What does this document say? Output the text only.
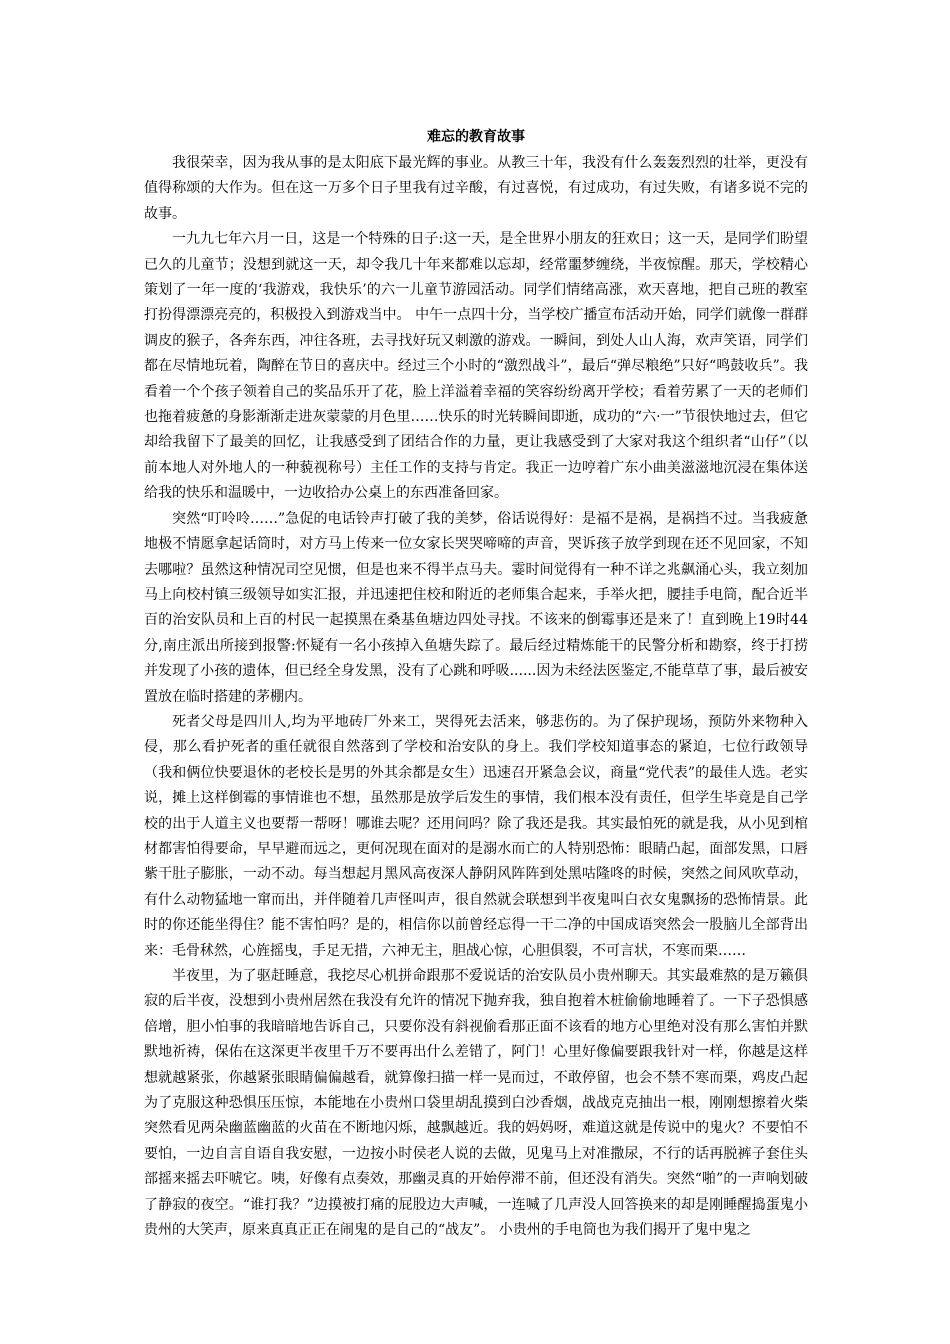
难忘的教育故事

我很荣幸，因为我从事的是太阳底下最光辉的事业。从教三十年，我没有什么轰轰烈烈的壮举，更没有值得称颂的大作为。但在这一万多个日子里我有过辛酸，有过喜悦，有过成功，有过失败，有诸多说不完的故事。

一九九七年六月一日，这是一个特殊的日子:这一天，是全世界小朋友的狂欢日；这一天，是同学们盼望已久的儿童节；没想到就这一天，却令我几十年来都难以忘却，经常噩梦缠绕，半夜惊醒。那天，学校精心策划了一年一度的‘我游戏，我快乐’的六一儿童节游园活动。同学们情绪高涨，欢天喜地，把自己班的教室打扮得漂漂亮亮的，积极投入到游戏当中。 中午一点四十分，当学校广播宣布活动开始，同学们就像一群群调皮的猴子，各奔东西，冲往各班，去寻找好玩又刺激的游戏。一瞬间，到处人山人海，欢声笑语，同学们都在尽情地玩着，陶醉在节日的喜庆中。经过三个小时的“激烈战斗”，最后“弹尽粮绝”只好“鸣鼓收兵”。我看着一个个孩子领着自己的奖品乐开了花，脸上洋溢着幸福的笑容纷纷离开学校；看着劳累了一天的老师们也拖着疲惫的身影渐渐走进灰蒙蒙的月色里……快乐的时光转瞬间即逝，成功的“六·一”节很快地过去，但它却给我留下了最美的回忆，让我感受到了团结合作的力量，更让我感受到了大家对我这个组织者“山仔”（以前本地人对外地人的一种藐视称号）主任工作的支持与肯定。我正一边哼着广东小曲美滋滋地沉浸在集体送给我的快乐和温暖中，一边收拾办公桌上的东西准备回家。

突然“叮呤呤……”急促的电话铃声打破了我的美梦，俗话说得好：是福不是祸，是祸挡不过。当我疲惫地极不情愿拿起话筒时，对方马上传来一位女家长哭哭啼啼的声音，哭诉孩子放学到现在还不见回家，不知去哪啦？虽然这种情况司空见惯，但是也来不得半点马夫。霎时间觉得有一种不详之兆飙涌心头，我立刻加马上向校村镇三级领导如实汇报，并迅速把住校和附近的老师集合起来，手举火把，腰挂手电筒，配合近半百的治安队员和上百的村民一起摸黑在桑基鱼塘边四处寻找。不该来的倒霉事还是来了！直到晚上19时44分,南庄派出所接到报警:怀疑有一名小孩掉入鱼塘失踪了。最后经过精炼能干的民警分析和勘察，终于打捞并发现了小孩的遗体，但已经全身发黑，没有了心跳和呼吸......因为未经法医鉴定,不能草草了事，最后被安置放在临时搭建的茅棚内。

死者父母是四川人,均为平地砖厂外来工，哭得死去活来，够悲伤的。为了保护现场，预防外来物种入侵，那么看护死者的重任就很自然落到了学校和治安队的身上。我们学校知道事态的紧迫，七位行政领导（我和俩位快要退休的老校长是男的外其余都是女生）迅速召开紧急会议，商量“党代表”的最佳人选。老实说，摊上这样倒霉的事情谁也不想，虽然那是放学后发生的事情，我们根本没有责任，但学生毕竟是自己学校的出于人道主义也要帮一帮呀！哪谁去呢？还用问吗？除了我还是我。其实最怕死的就是我，从小见到棺材都害怕得要命，早早避而远之，更何况现在面对的是溺水而亡的人特别恐怖：眼睛凸起，面部发黑，口唇紫干肚子膨胀，一动不动。每当想起月黑风高夜深人静阴风阵阵到处黑咕隆咚的时候，突然之间风吹草动，有什么动物猛地一窜而出，并伴随着几声怪叫声，很自然就会联想到半夜鬼叫白衣女鬼飘扬的恐怖情景。此时的你还能坐得住？能不害怕吗？是的，相信你以前曾经忘得一干二净的中国成语突然会一股脑儿全部背出来：毛骨秫然，心旌摇曳，手足无措，六神无主，胆战心惊，心胆俱裂，不可言状，不寒而栗……

半夜里，为了驱赶睡意，我挖尽心机拼命跟那不爱说话的治安队员小贵州聊天。其实最难熬的是万籁俱寂的后半夜，没想到小贵州居然在我没有允许的情况下抛弃我，独自抱着木桩偷偷地睡着了。一下子恐惧感倍增，胆小怕事的我暗暗地告诉自己，只要你没有斜视偷看那正面不该看的地方心里绝对没有那么害怕并默默地祈祷，保佑在这深更半夜里千万不要再出什么差错了，阿门！心里好像偏要跟我针对一样，你越是这样想就越紧张，你越紧张眼睛偏偏越看，就算像扫描一样一晃而过，不敢停留，也会不禁不寒而栗，鸡皮凸起为了克服这种恐惧压压惊，本能地在小贵州口袋里胡乱摸到白沙香烟，战战克克抽出一根，刚刚想擦着火柴突然看见两朵幽蓝幽蓝的火苗在不断地闪烁，越飘越近。我的妈妈呀，难道这就是传说中的鬼火？不要怕不要怕，一边自言自语自我安慰，一边按小时侯老人说的去做，见鬼马上对准撒尿，不行的话再脱裤子套住头部摇来摇去吓唬它。咦，好像有点奏效，那幽灵真的开始停滞不前，但还没有消失。突然“啪”的一声响划破了静寂的夜空。“谁打我？”边摸被打痛的屁股边大声喊，一连喊了几声没人回答换来的却是刚睡醒捣蛋鬼小贵州的大笑声，原来真真正正在闹鬼的是自己的“战友”。 小贵州的手电筒也为我们揭开了鬼中鬼之
